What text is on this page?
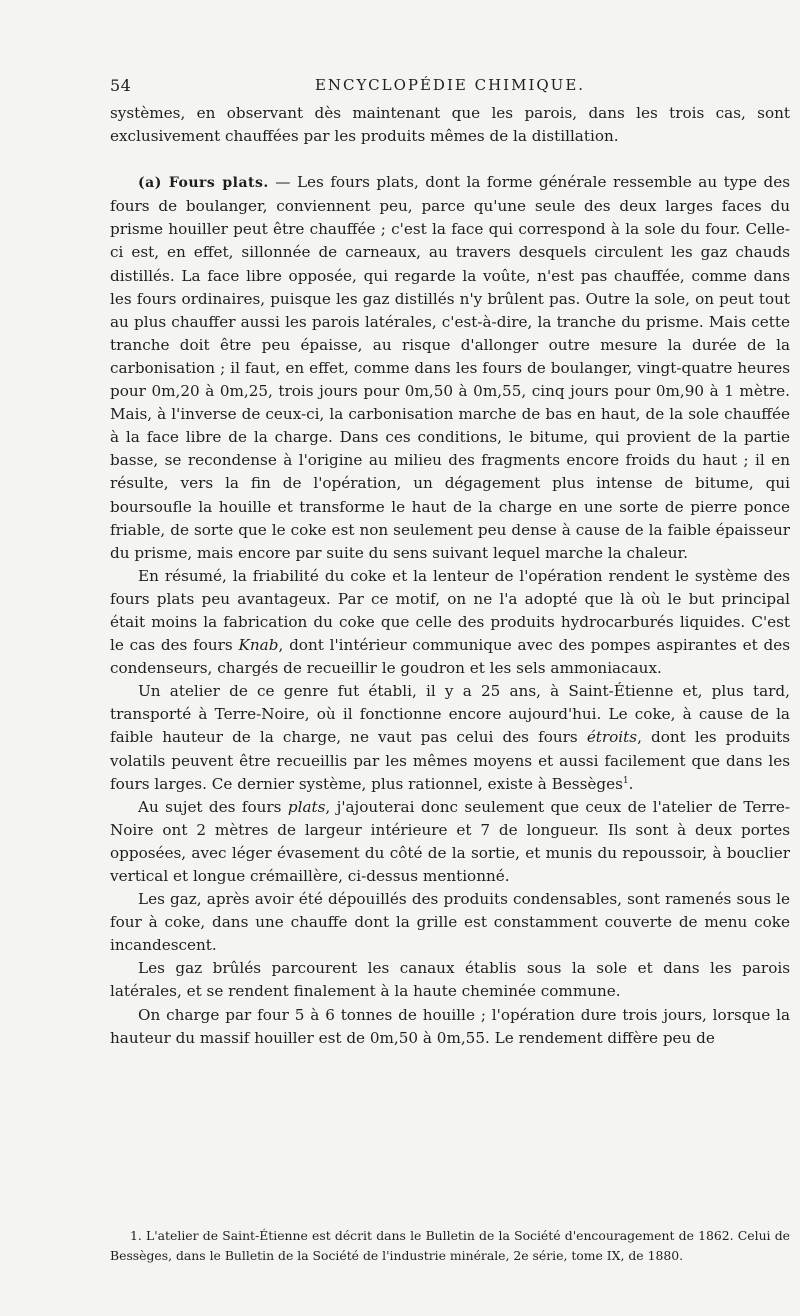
54	ENCYCLOPÉDIE CHIMIQUE.

systèmes, en observant dès maintenant que les parois, dans les trois cas, sont exclusivement chauffées par les produits mêmes de la distillation.

(a) Fours plats. — Les fours plats, dont la forme générale ressemble au type des fours de boulanger, conviennent peu, parce qu'une seule des deux larges faces du prisme houiller peut être chauffée ; c'est la face qui correspond à la sole du four. Celle-ci est, en effet, sillonnée de carneaux, au travers desquels circulent les gaz chauds distillés. La face libre opposée, qui regarde la voûte, n'est pas chauffée, comme dans les fours ordinaires, puisque les gaz distillés n'y brûlent pas. Outre la sole, on peut tout au plus chauffer aussi les parois latérales, c'est-à-dire, la tranche du prisme. Mais cette tranche doit être peu épaisse, au risque d'allonger outre mesure la durée de la carbonisation ; il faut, en effet, comme dans les fours de boulanger, vingt-quatre heures pour 0m,20 à 0m,25, trois jours pour 0m,50 à 0m,55, cinq jours pour 0m,90 à 1 mètre. Mais, à l'inverse de ceux-ci, la carbonisation marche de bas en haut, de la sole chauffée à la face libre de la charge. Dans ces conditions, le bitume, qui provient de la partie basse, se recondense à l'origine au milieu des fragments encore froids du haut ; il en résulte, vers la fin de l'opération, un dégagement plus intense de bitume, qui boursoufle la houille et transforme le haut de la charge en une sorte de pierre ponce friable, de sorte que le coke est non seulement peu dense à cause de la faible épaisseur du prisme, mais encore par suite du sens suivant lequel marche la chaleur.

En résumé, la friabilité du coke et la lenteur de l'opération rendent le système des fours plats peu avantageux. Par ce motif, on ne l'a adopté que là où le but principal était moins la fabrication du coke que celle des produits hydrocarburés liquides. C'est le cas des fours Knab, dont l'intérieur communique avec des pompes aspirantes et des condenseurs, chargés de recueillir le goudron et les sels ammoniacaux.

Un atelier de ce genre fut établi, il y a 25 ans, à Saint-Étienne et, plus tard, transporté à Terre-Noire, où il fonctionne encore aujourd'hui. Le coke, à cause de la faible hauteur de la charge, ne vaut pas celui des fours étroits, dont les produits volatils peuvent être recueillis par les mêmes moyens et aussi facilement que dans les fours larges. Ce dernier système, plus rationnel, existe à Bessèges$^1$.

Au sujet des fours plats, j'ajouterai donc seulement que ceux de l'atelier de Terre-Noire ont 2 mètres de largeur intérieure et 7 de longueur. Ils sont à deux portes opposées, avec léger évasement du côté de la sortie, et munis du repoussoir, à bouclier vertical et longue crémaillère, ci-dessus mentionné.

Les gaz, après avoir été dépouillés des produits condensables, sont ramenés sous le four à coke, dans une chauffe dont la grille est constamment couverte de menu coke incandescent.

Les gaz brûlés parcourent les canaux établis sous la sole et dans les parois latérales, et se rendent finalement à la haute cheminée commune.

On charge par four 5 à 6 tonnes de houille ; l'opération dure trois jours, lorsque la hauteur du massif houiller est de 0m,50 à 0m,55. Le rendement diffère peu de

1. L'atelier de Saint-Étienne est décrit dans le Bulletin de la Société d'encouragement de 1862. Celui de Bessèges, dans le Bulletin de la Société de l'industrie minérale, 2e série, tome IX, de 1880.
